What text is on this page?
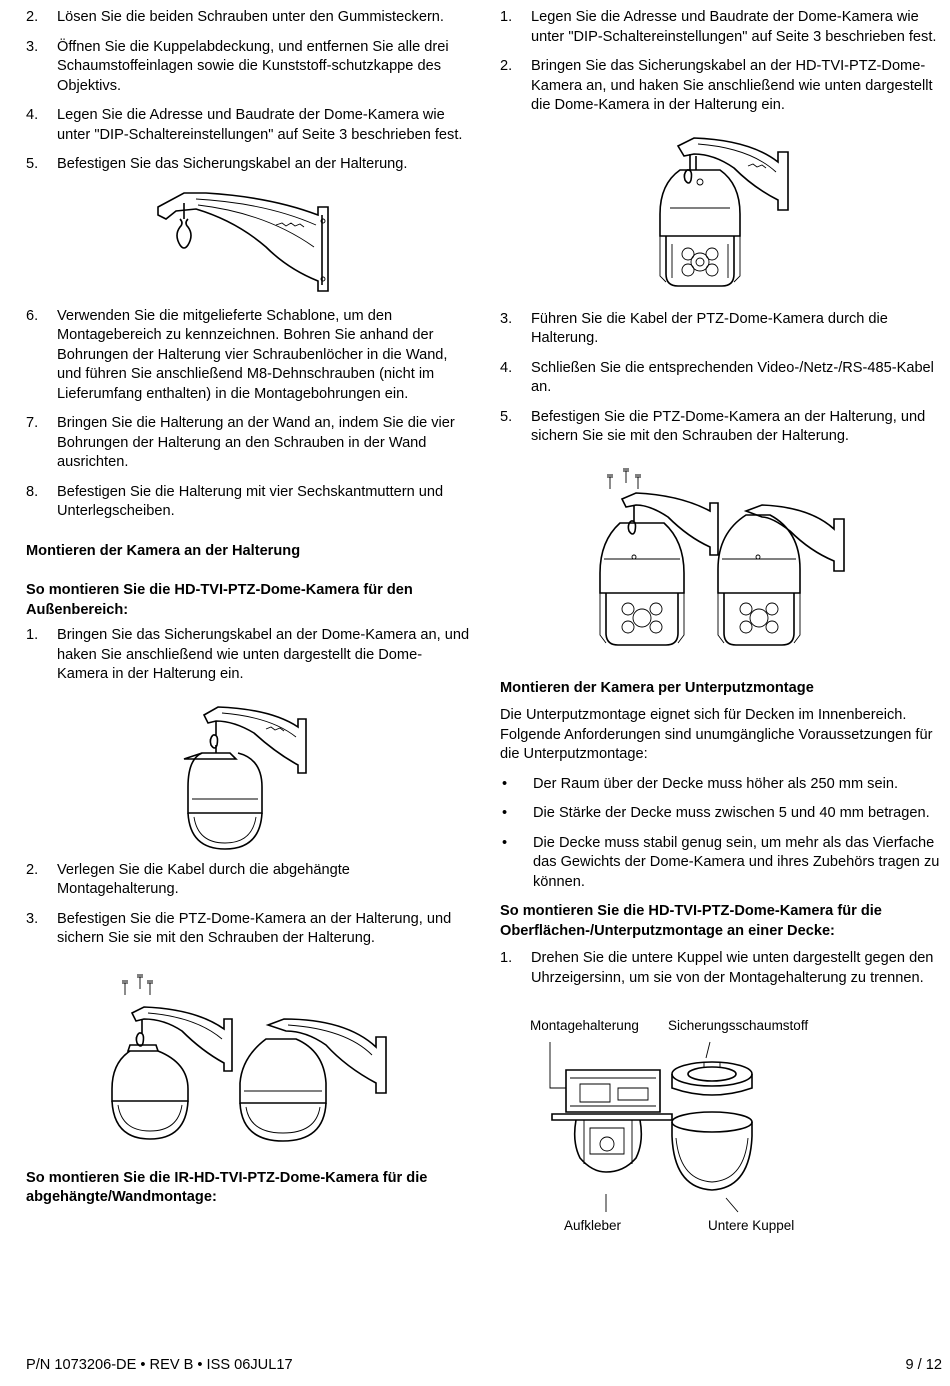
2.	Lösen Sie die beiden Schrauben unter den Gummisteckern.
3.	Öffnen Sie die Kuppelabdeckung, und entfernen Sie alle drei Schaumstoffeinlagen sowie die Kunststoff-schutzkappe des Objektivs.
4.	Legen Sie die Adresse und Baudrate der Dome-Kamera wie unter "DIP-Schaltereinstellungen" auf Seite 3 beschrieben fest.
5.	Befestigen Sie das Sicherungskabel an der Halterung.
6.	Verwenden Sie die mitgelieferte Schablone, um den Montagebereich zu kennzeichnen. Bohren Sie anhand der Bohrungen der Halterung vier Schraubenlöcher in die Wand, und führen Sie anschließend M8-Dehnschrauben (nicht im Lieferumfang enthalten) in die Montagebohrungen ein.
7.	Bringen Sie die Halterung an der Wand an, indem Sie die vier Bohrungen der Halterung an den Schrauben in der Wand ausrichten.
8.	Befestigen Sie die Halterung mit vier Sechskantmuttern und Unterlegscheiben.
Montieren der Kamera an der Halterung
So montieren Sie die HD-TVI-PTZ-Dome-Kamera für den Außenbereich:
1.	Bringen Sie das Sicherungskabel an der Dome-Kamera an, und haken Sie anschließend wie unten dargestellt die Dome-Kamera in der Halterung ein.
2.	Verlegen Sie die Kabel durch die abgehängte Montagehalterung.
3.	Befestigen Sie die PTZ-Dome-Kamera an der Halterung, und sichern Sie sie mit den Schrauben der Halterung.
So montieren Sie die IR-HD-TVI-PTZ-Dome-Kamera für die abgehängte/Wandmontage:
1.	Legen Sie die Adresse und Baudrate der Dome-Kamera wie unter "DIP-Schaltereinstellungen" auf Seite 3 beschrieben fest.
2.	Bringen Sie das Sicherungskabel an der HD-TVI-PTZ-Dome-Kamera an, und haken Sie anschließend wie unten dargestellt die Dome-Kamera in der Halterung ein.
3.	Führen Sie die Kabel der PTZ-Dome-Kamera durch die Halterung.
4.	Schließen Sie die entsprechenden Video-/Netz-/RS-485-Kabel an.
5.	Befestigen Sie die PTZ-Dome-Kamera an der Halterung, und sichern Sie sie mit den Schrauben der Halterung.
Montieren der Kamera per Unterputzmontage
Die Unterputzmontage eignet sich für Decken im Innenbereich. Folgende Anforderungen sind unumgängliche Voraussetzungen für die Unterputzmontage:
•	Der Raum über der Decke muss höher als 250 mm sein.
•	Die Stärke der Decke muss zwischen 5 und 40 mm betragen.
•	Die Decke muss stabil genug sein, um mehr als das Vierfache das Gewichts der Dome-Kamera und ihres Zubehörs tragen zu können.
So montieren Sie die HD-TVI-PTZ-Dome-Kamera für die Oberflächen-/Unterputzmontage an einer Decke:
1.	Drehen Sie die untere Kuppel wie unten dargestellt gegen den Uhrzeigersinn, um sie von der Montagehalterung zu trennen.
Montagehalterung Sicherungsschaumstoff
Aufkleber	Untere Kuppel
P/N 1073206-DE • REV B • ISS 06JUL17	9 / 12
